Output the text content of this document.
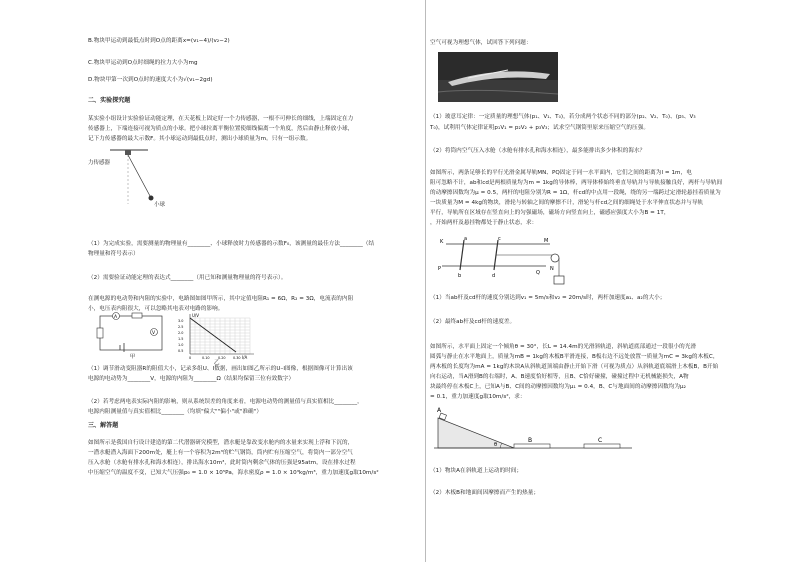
B.物块甲运动到最低点时到O点的距离x=(v₁−4)/(v₂−2)
C.物块甲运动到O点时细绳的拉力大小为mg
D.物块甲第一次到O点时的速度大小为√(v₁−2gd)
二、实验探究题
某实验小组设计实验验证动能定理，在天花板上固定好一个力传感器，一根不可伸长的细线，上端固定在力
传感器上，下端连接可视为质点的小球。把小球拉离平衡位置使细线偏离一个角度，然后由静止释放小球，
记下力传感器的最大示数F。其小球运动到最低点时，测出小球质量为m。只有一组示数。
力传感器
小球
（1）为完成实验，需要测量的物理量有________、小球释放时力传感器的示数F₀，该测量的最佳方法________（结
物理量和符号表示）
（2）需要验证动能定理的表达式________（用已知和测量物理量的符号表示）。
在测电源的电动势和内阻的实验中，电路图如图甲所示，其中定值电阻R₁ = 6Ω，R₂ = 3Ω，电流表的内阻
小，电压表内阻很大，可以忽略其电表对电路的影响。
A
V
甲
U/V
I/A
3.0
2.5
2.0
1.5
1.0
0.5
0	0.10 0.20 0.30
乙
（1）调节滑动变阻器R的阻值大小，记录多组U、I数据，画出如图乙所示的U–I图像，根据图像可计算出该
电源的电动势为________V，电源的内阻为________Ω（结果均保留三位有效数字）
（2）若考虑两电表实际内阻的影响，则从系统误差的角度来看，电源电动势的测量值与真实值相比________，
电源内阻测量值与真实值相比________（均填"偏大""偏小"或"准确"）
三、解答题
如图所示是我国自行设计建造的第二代潜器研究模型，潜水艇是靠改变水舱内的水量来实现上浮和下沉的，
一潜水艇潜入海面下200m处，艇上有一个容积为2m³的贮气钢筒，筒内贮有压缩空气，将筒内一部分空气
压入水舱（水舱有排水孔和海水相连），排出海水10m³，此时筒内剩余气体的压强是95atm，设在排水过程
中压缩空气的温度不变，已知大气压强p₀ = 1.0 × 10⁵Pa，海水密度ρ = 1.0 × 10³kg/m³，重力加速度g取10m/s²
空气可视为理想气体，试回答下列问题：
（1）玻意耳定律：一定质量的理想气体(p₁、V₁、T₀)，若分成两个状态不同的部分(p₂、V₂、T₀)、(p₃、V₃
T₀)，试利用气体定律证明p₁V₁ = p₂V₂ + p₃V₃；试求空气钢筒里原来压缩空气的压强。
（2）将筒内空气压入水舱（水舱有排水孔和海水相连），最多能排出多少体积的海水？
如图所示，两条足够长的平行光滑金属导轨MN、PQ固定于同一水平面内，它们之间的距离为l = 1m，电
阻可忽略不计，ab和cd是两根质量均为m = 1kg的导体棒，两导体棒始终垂直导轨并与导轨接触良好，两杆与导轨间
的动摩擦因数均为μ = 0.5，两杆的电阻分别为R = 1Ω，杆cd的中点用一段绳，绕的另一端跨过定滑轮悬挂着质量为
一块质量为M = 4kg的物块，滑轮与转轴之间的摩擦不计，滑轮与杆cd之间的细绳处于水平伸直状态并与导轨
平行，导轨所在区域存在竖直向上的匀强磁场，磁场方向竖直向上，磁感应强度大小为B = 1T，
，开始两杆及悬挂物都处于静止状态，求：
K	a	c	M
P
b	d	Q
N
（1）当ab杆及cd杆的速度分别达到v₁ = 5m/s和v₂ = 20m/s时，两杆加速度a₁、a₂的大小；
（2）最终ab杆及cd杆的速度差。
如图所示，水平面上固定一个倾角θ = 30°，长L = 14.4m的光滑斜轨道，斜轨道底部通过一段很小的光滑
圆弧与静止在水平地面上，质量为mB = 1kg的木板B平滑连接，B板右边不远处放置一质量为mC = 3kg的木板C，
两木板的长度均为mA = 1kg的木块A从斜轨道顶端由静止开始下滑（可视为质点）从斜轨道底端滑上木板B，B开始
向右运动，当A滑到B的右端时，A、B速度恰好相等，且B、C恰好碰撞，碰撞过程中无机械能损失，A物
块最终停在木板C上，已知A与B、C间的动摩擦因数均为μ₁ = 0.4，B、C与地面间的动摩擦因数均为μ₂
= 0.1，重力加速度g取10m/s²，求：
A
θ
B	C
（1）物块A在斜轨道上运动的时间；
（2）木板B和地面间因摩擦而产生的热量；
